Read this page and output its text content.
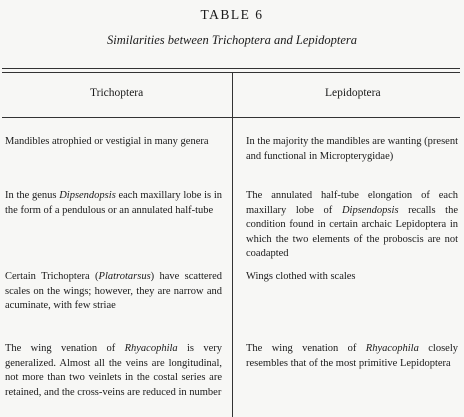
TABLE 6
Similarities between Trichoptera and Lepidoptera
Trichoptera	Lepidoptera
Mandibles atrophied or vestigial in many genera	In the majority the mandibles are wanting (present and functional in Micropterygidae)
In the genus Dipsendopsis each maxillary lobe is in the form of a pendulous or an annulated half-tube
The annulated half-tube elongation of each maxillary lobe of Dipsendopsis recalls the condition found in certain archaic Lepidoptera in which the two elements of the proboscis are not coadapted
Certain Trichoptera (Platrotarsus) have scattered scales on the wings; however, they are narrow and acuminate, with few striae
Wings clothed with scales
The wing venation of Rhyacophila is very generalized. Almost all the veins are longitudinal, not more than two veinlets in the costal series are retained, and the cross-veins are reduced in number
The wing venation of Rhyacophila closely resembles that of the most primitive Lepidoptera
